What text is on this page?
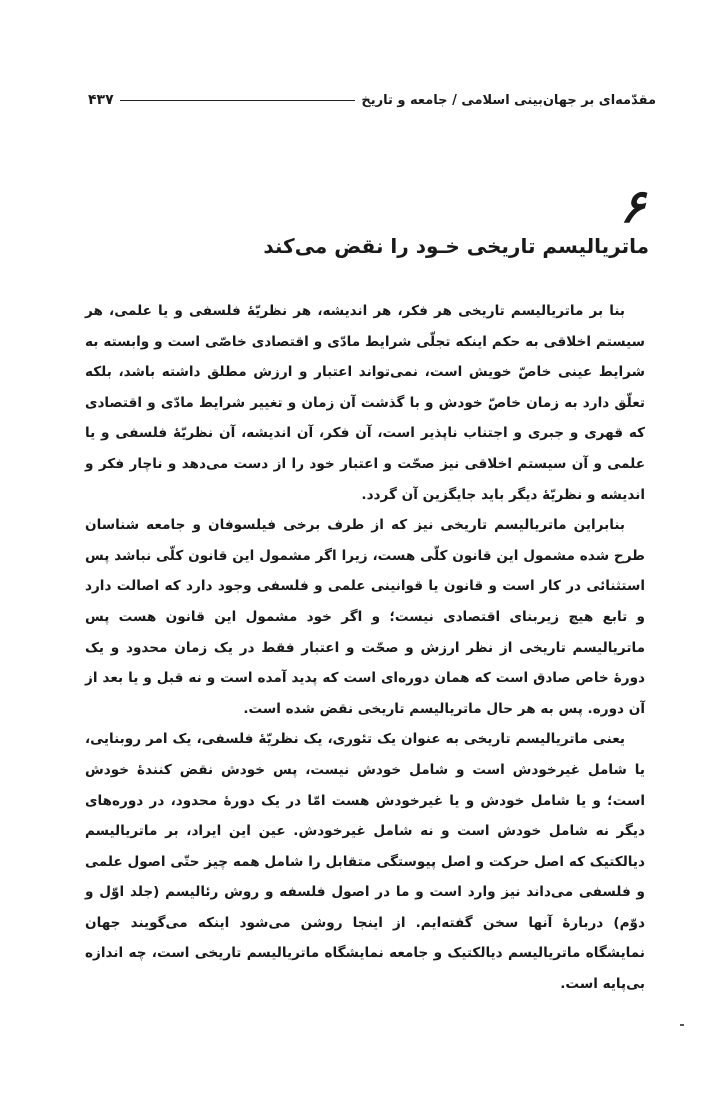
مقدّمه‌ای بر جهان‌بینی اسلامی / جامعه و تاریخ
۴۳۷
۶
ماتریالیسم تاریخی خـود را نقض می‌کند

بنا بر ماتریالیسم تاریخی هر فکر، هر اندیشه، هر نظریّهٔ فلسفی و یا علمی، هر سیستم اخلاقی به حکم اینکه تجلّی شرایط مادّی و اقتصادی خاصّی است و وابسته به شرایط عینی خاصّ خویش است، نمی‌تواند اعتبار و ارزش مطلق داشته باشد، بلکه تعلّق دارد به زمان خاصّ خودش و با گذشت آن زمان و تغییر شرایط مادّی و اقتصادی که قهری و جبری و اجتناب ناپذیر است، آن فکر، آن اندیشه، آن نظریّهٔ فلسفی و یا علمی و آن سیستم اخلاقی نیز صحّت و اعتبار خود را از دست می‌دهد و ناچار فکر و اندیشه و نظریّهٔ دیگر باید جایگزین آن گردد.

بنابراین ماتریالیسم تاریخی نیز که از طرف برخی فیلسوفان و جامعه شناسان طرح شده مشمول این قانون کلّی هست، زیرا اگر مشمول این قانون کلّی نباشد پس استثنائی در کار است و قانون یا قوانینی علمی و فلسفی وجود دارد که اصالت دارد و تابع هیچ زیربنای اقتصادی نیست؛ و اگر خود مشمول این قانون هست پس ماتریالیسم تاریخی از نظر ارزش و صحّت و اعتبار فقط در یک زمان محدود و یک دورهٔ خاص صادق است که همان دوره‌ای است که پدید آمده است و نه قبل و یا بعد از آن دوره. پس به هر حال ماتریالیسم تاریخی نقض شده است.

یعنی ماتریالیسم تاریخی به عنوان یک تئوری، یک نظریّهٔ فلسفی، یک امر روبنایی، یا شامل غیرخودش است و شامل خودش نیست، پس خودش نقض کنندهٔ خودش است؛ و یا شامل خودش و یا غیرخودش هست امّا در یک دورهٔ محدود، در دوره‌های دیگر نه شامل خودش است و نه شامل غیرخودش. عین این ایراد، بر ماتریالیسم دیالکتیک که اصل حرکت و اصل پیوستگی متقابل را شامل همه چیز حتّی اصول علمی و فلسفی می‌داند نیز وارد است و ما در اصول فلسفه و روش رئالیسم (جلد اوّل و دوّم) دربارهٔ آنها سخن گفته‌ایم. از اینجا روشن می‌شود اینکه می‌گویند جهان نمایشگاه ماتریالیسم دیالکتیک و جامعه نمایشگاه ماتریالیسم تاریخی است، چه اندازه بی‌پایه است.
